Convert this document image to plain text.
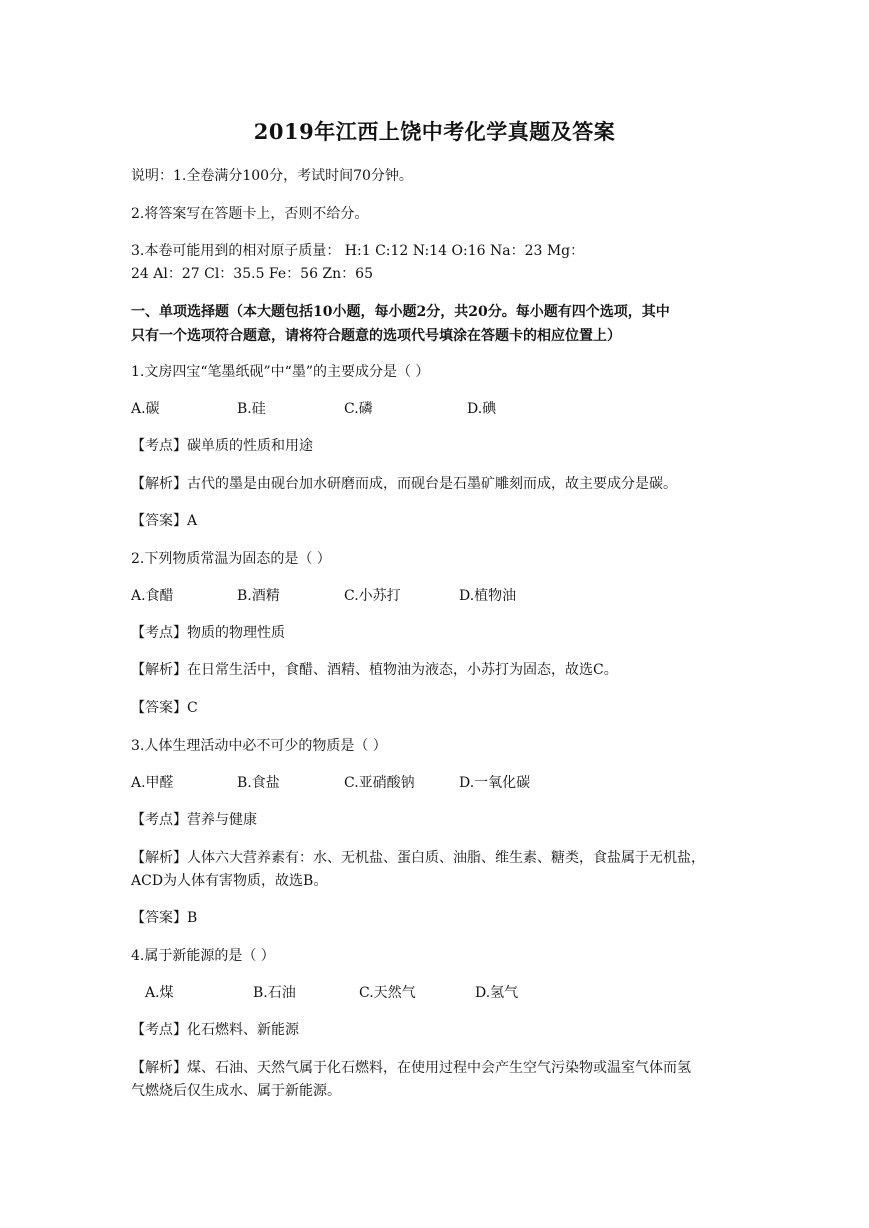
2019年江西上饶中考化学真题及答案
说明：1.全卷满分100分，考试时间70分钟。
2.将答案写在答题卡上，否则不给分。
3.本卷可能用到的相对原子质量： H:1 C:12 N:14 O:16 Na：23 Mg：
24 Al：27 Cl：35.5 Fe：56 Zn：65
一、单项选择题（本大题包括10小题，每小题2分，共20分。每小题有四个选项，其中
只有一个选项符合题意，请将符合题意的选项代号填涂在答题卡的相应位置上）
1.文房四宝“笔墨纸砚”中“墨”的主要成分是（ ）
A.碳	B.硅	C.磷	D.碘
【考点】碳单质的性质和用途
【解析】古代的墨是由砚台加水研磨而成，而砚台是石墨矿雕刻而成，故主要成分是碳。
【答案】A
2.下列物质常温为固态的是（ ）
A.食醋	B.酒精	C.小苏打	D.植物油
【考点】物质的物理性质
【解析】在日常生活中，食醋、酒精、植物油为液态，小苏打为固态，故选C。
【答案】C
3.人体生理活动中必不可少的物质是（ ）
A.甲醛	B.食盐	C.亚硝酸钠	D.一氧化碳
【考点】营养与健康
【解析】人体六大营养素有：水、无机盐、蛋白质、油脂、维生素、糖类，食盐属于无机盐，
ACD为人体有害物质，故选B。
【答案】B
4.属于新能源的是（ ）
A.煤	B.石油	C.天然气	D.氢气
【考点】化石燃料、新能源
【解析】煤、石油、天然气属于化石燃料，在使用过程中会产生空气污染物或温室气体而氢
气燃烧后仅生成水、属于新能源。
